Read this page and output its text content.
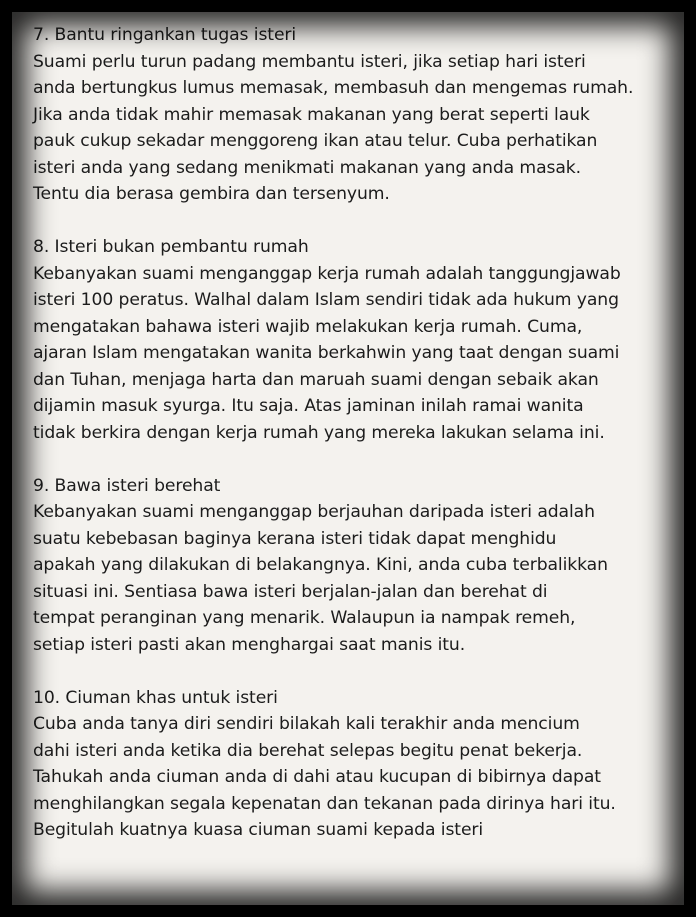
7. Bantu ringankan tugas isteri
Suami perlu turun padang membantu isteri, jika setiap hari isteri
anda bertungkus lumus memasak, membasuh dan mengemas rumah.
Jika anda tidak mahir memasak makanan yang berat seperti lauk
pauk cukup sekadar menggoreng ikan atau telur. Cuba perhatikan
isteri anda yang sedang menikmati makanan yang anda masak.
Tentu dia berasa gembira dan tersenyum.
8. Isteri bukan pembantu rumah
Kebanyakan suami menganggap kerja rumah adalah tanggungjawab
isteri 100 peratus. Walhal dalam Islam sendiri tidak ada hukum yang
mengatakan bahawa isteri wajib melakukan kerja rumah. Cuma,
ajaran Islam mengatakan wanita berkahwin yang taat dengan suami
dan Tuhan, menjaga harta dan maruah suami dengan sebaik akan
dijamin masuk syurga. Itu saja. Atas jaminan inilah ramai wanita
tidak berkira dengan kerja rumah yang mereka lakukan selama ini.
9. Bawa isteri berehat
Kebanyakan suami menganggap berjauhan daripada isteri adalah
suatu kebebasan baginya kerana isteri tidak dapat menghidu
apakah yang dilakukan di belakangnya. Kini, anda cuba terbalikkan
situasi ini. Sentiasa bawa isteri berjalan-jalan dan berehat di
tempat peranginan yang menarik. Walaupun ia nampak remeh,
setiap isteri pasti akan menghargai saat manis itu.
10. Ciuman khas untuk isteri
Cuba anda tanya diri sendiri bilakah kali terakhir anda mencium
dahi isteri anda ketika dia berehat selepas begitu penat bekerja.
Tahukah anda ciuman anda di dahi atau kucupan di bibirnya dapat
menghilangkan segala kepenatan dan tekanan pada dirinya hari itu.
Begitulah kuatnya kuasa ciuman suami kepada isteri
